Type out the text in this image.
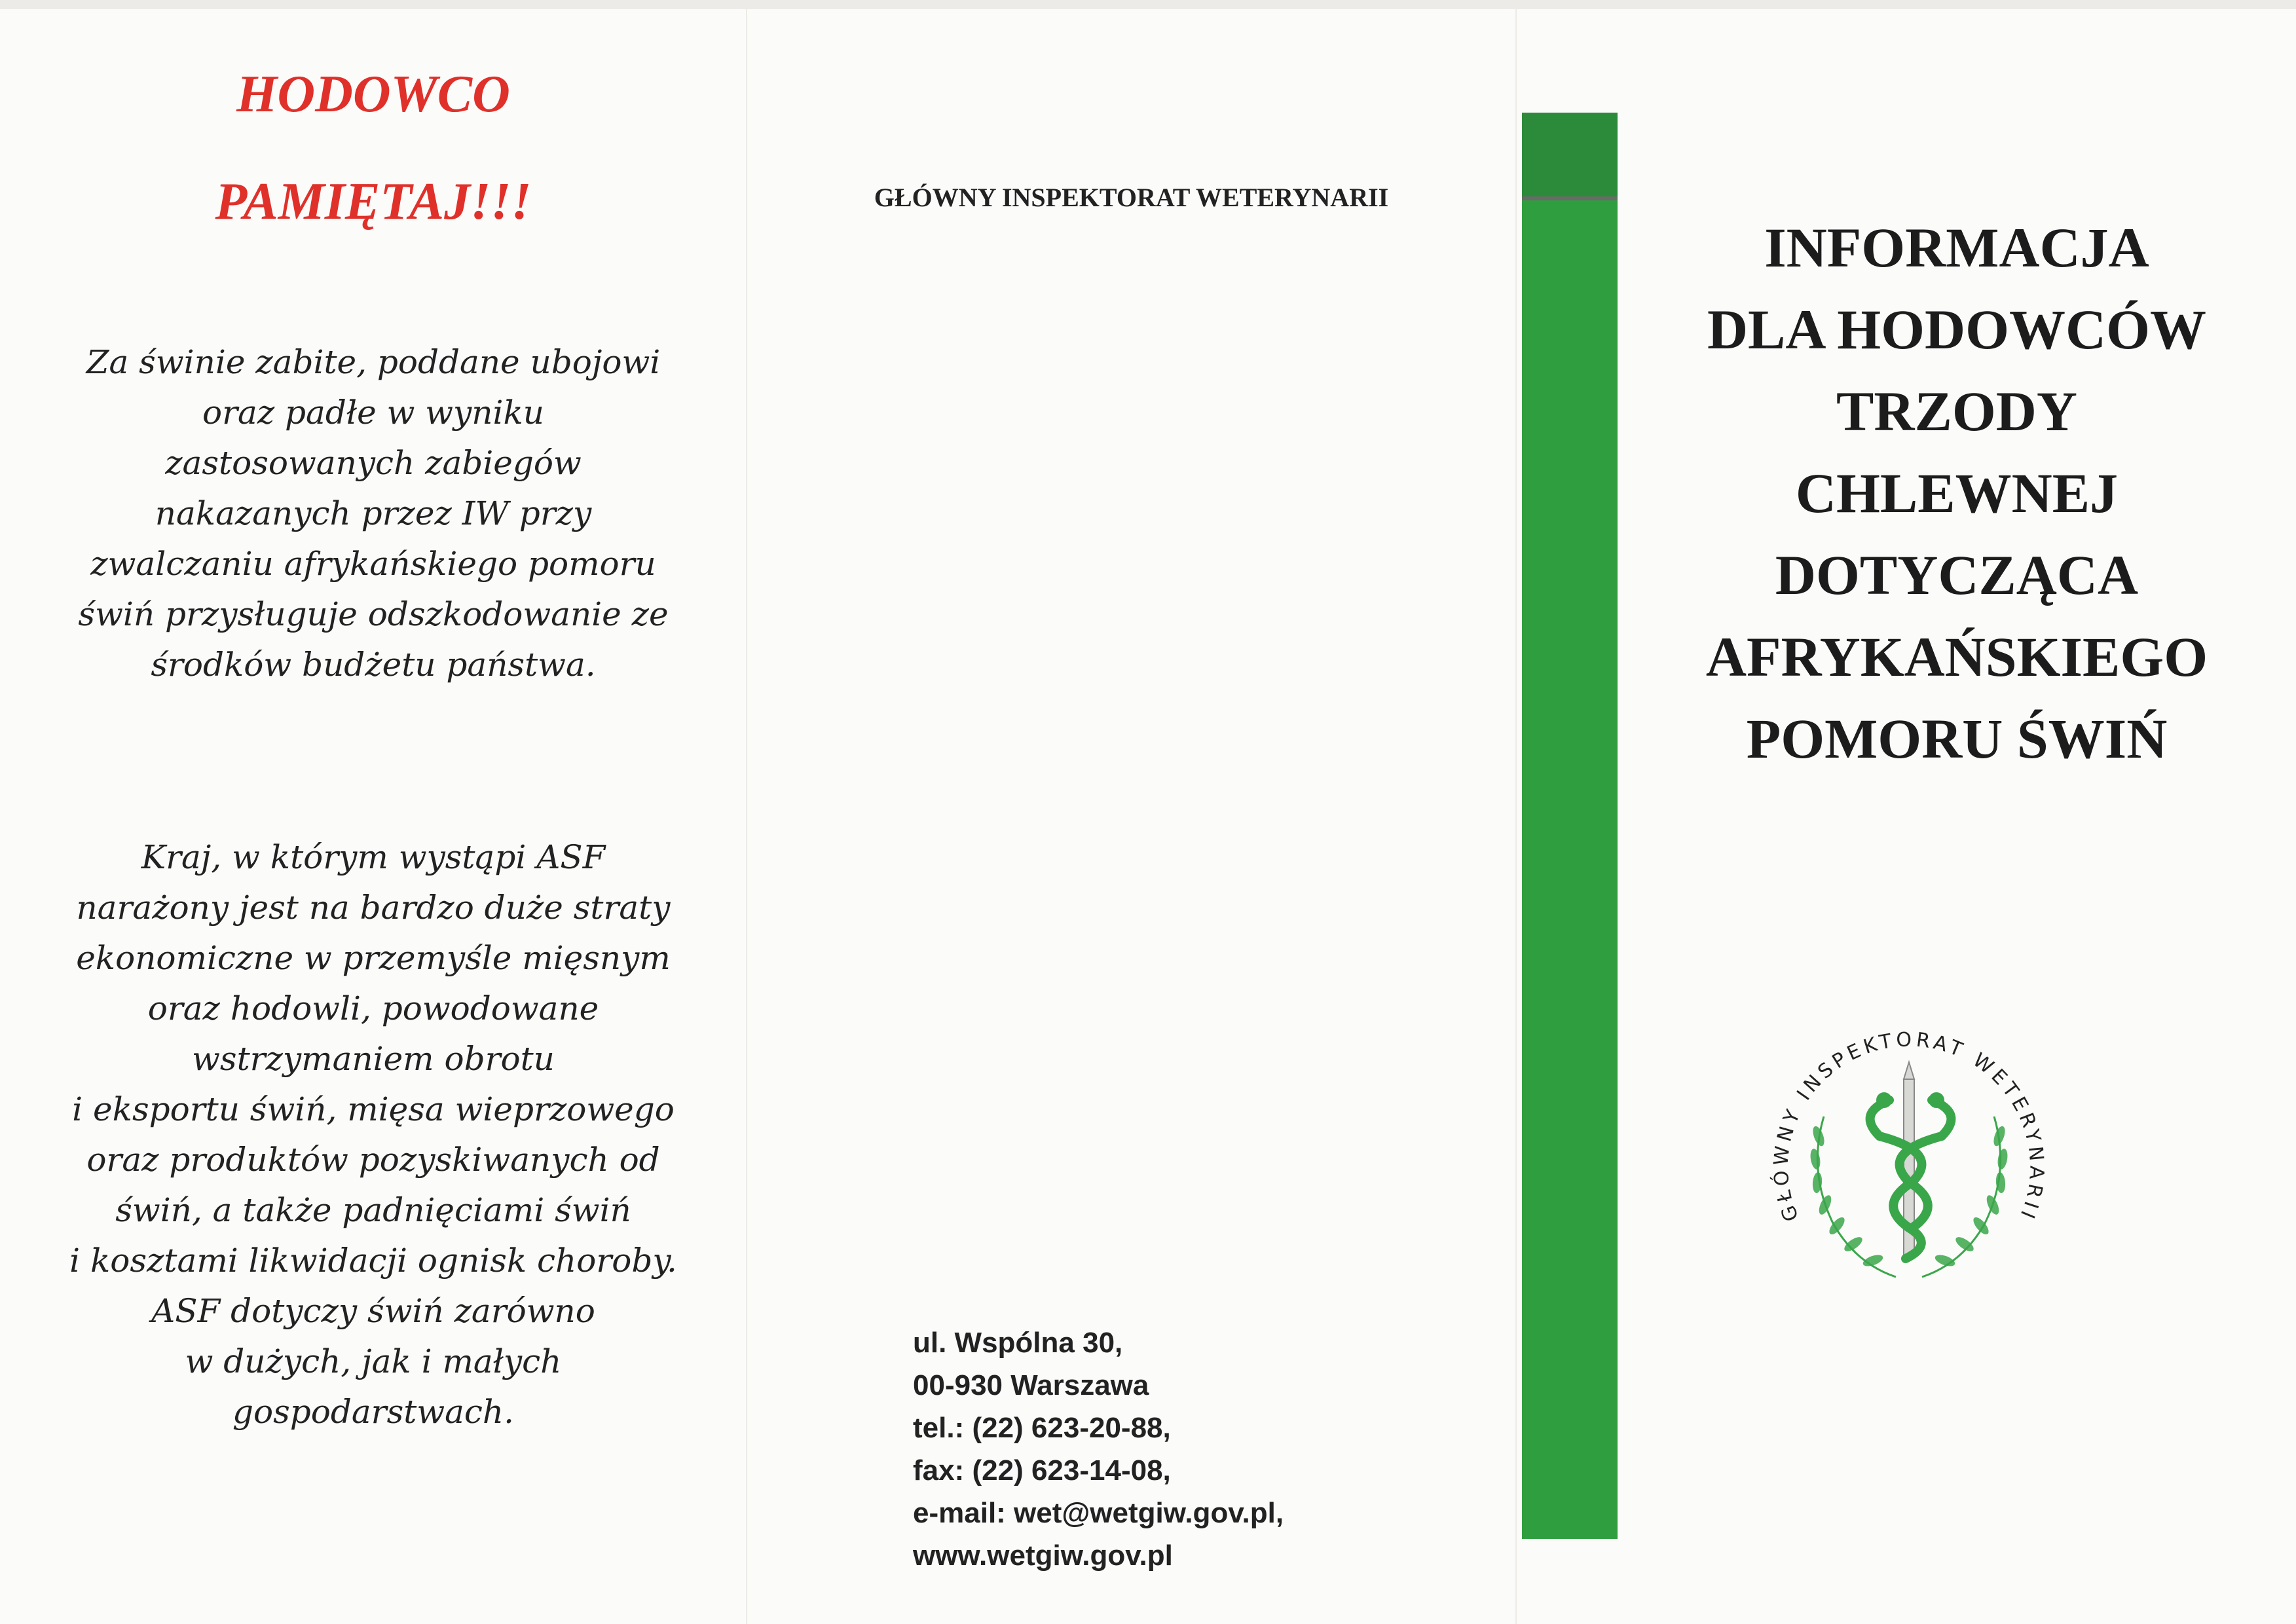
HODOWCO
PAMIĘTAJ!!!

Za świnie zabite, poddane ubojowi
oraz padłe w wyniku
zastosowanych zabiegów
nakazanych przez IW przy
zwalczaniu afrykańskiego pomoru
świń przysługuje odszkodowanie ze
środków budżetu państwa.

Kraj, w którym wystąpi ASF
narażony jest na bardzo duże straty
ekonomiczne w przemyśle mięsnym
oraz hodowli, powodowane
wstrzymaniem obrotu
i eksportu świń, mięsa wieprzowego
oraz produktów pozyskiwanych od
świń, a także padnięciami świń
i kosztami likwidacji ognisk choroby.
ASF dotyczy świń zarówno
w dużych, jak i małych
gospodarstwach.

GŁÓWNY INSPEKTORAT WETERYNARII
ul. Wspólna 30,
00-930 Warszawa
tel.: (22) 623-20-88,
fax: (22) 623-14-08,
e-mail: wet@wetgiw.gov.pl,
www.wetgiw.gov.pl
INFORMACJA
DLA HODOWCÓW
TRZODY
CHLEWNEJ
DOTYCZĄCA
AFRYKAŃSKIEGO
POMORU ŚWIŃ
GŁÓWNY INSPEKTORAT WETERYNARII
